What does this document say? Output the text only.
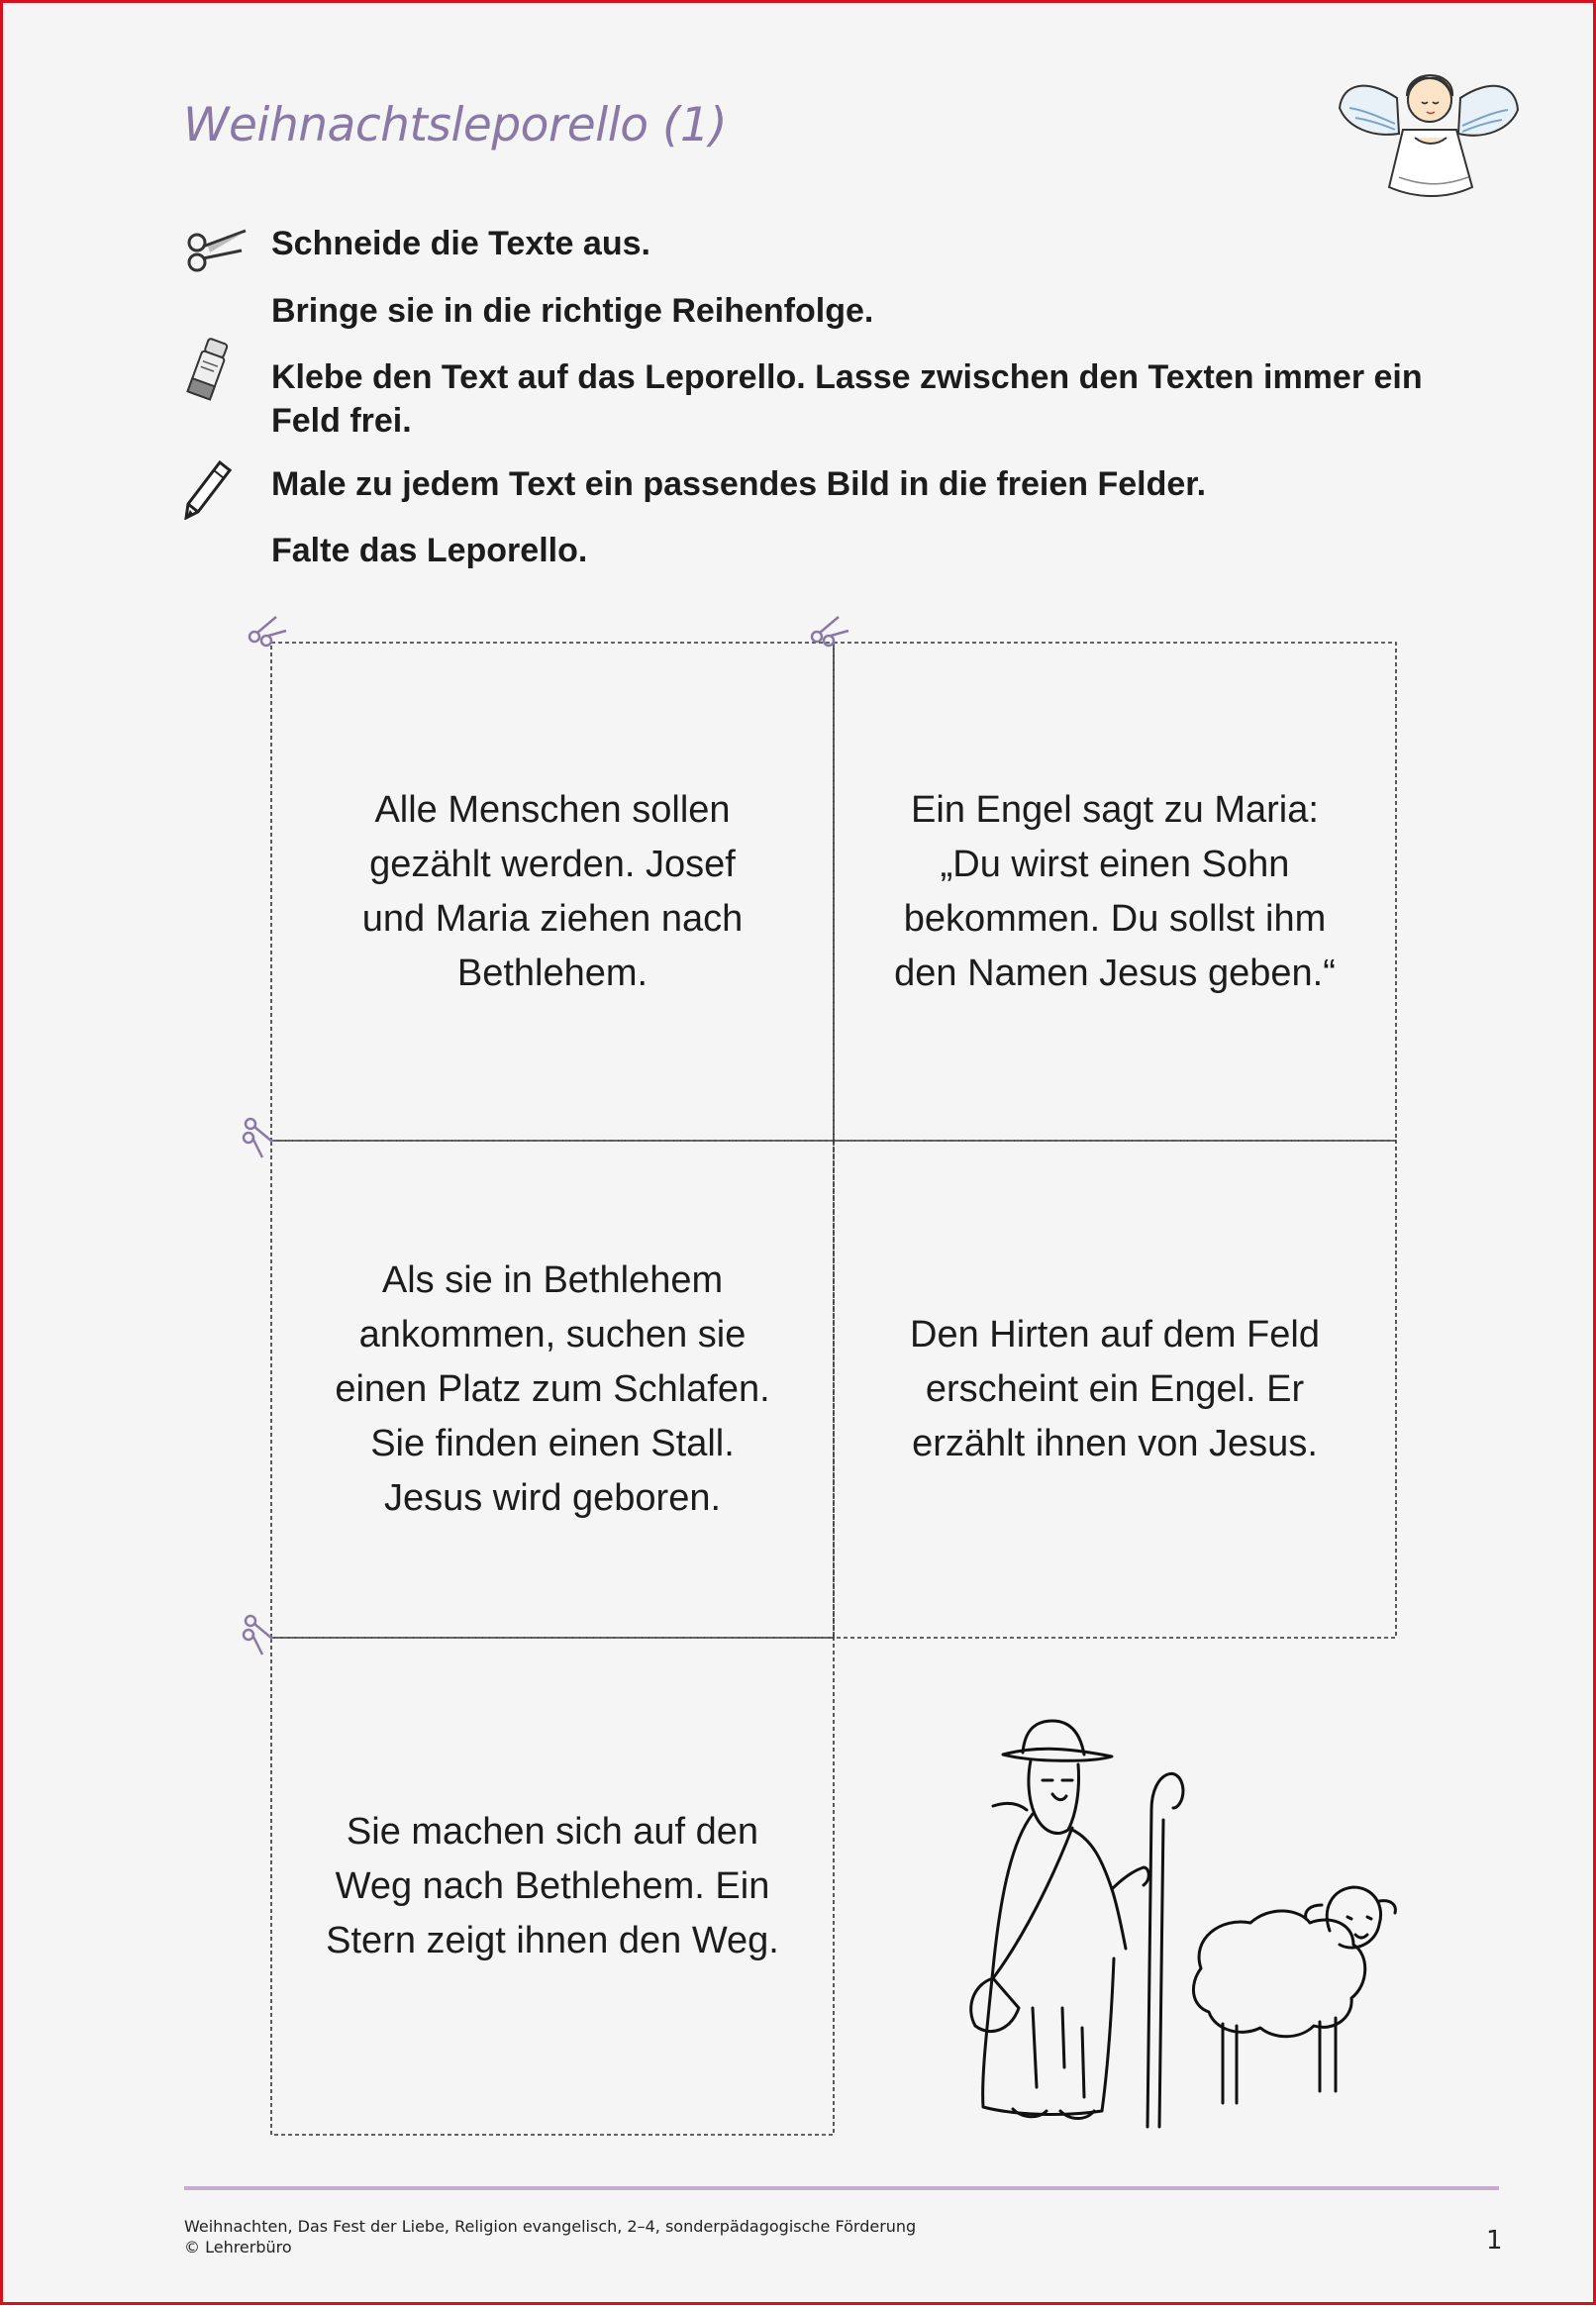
Weihnachtsleporello (1)
Schneide die Texte aus.
Bringe sie in die richtige Reihenfolge.
Klebe den Text auf das Leporello. Lasse zwischen den Texten immer ein Feld frei.
Male zu jedem Text ein passendes Bild in die freien Felder.
Falte das Leporello.
Alle Menschen sollen
gezählt werden. Josef
und Maria ziehen nach
Bethlehem.
Ein Engel sagt zu Maria:
„Du wirst einen Sohn
bekommen. Du sollst ihm
den Namen Jesus geben.“
Als sie in Bethlehem
ankommen, suchen sie
einen Platz zum Schlafen.
Sie finden einen Stall.
Jesus wird geboren.
Den Hirten auf dem Feld
erscheint ein Engel. Er
erzählt ihnen von Jesus.
Sie machen sich auf den
Weg nach Bethlehem. Ein
Stern zeigt ihnen den Weg.
Weihnachten, Das Fest der Liebe, Religion evangelisch, 2–4, sonderpädagogische Förderung
© Lehrerbüro	1
